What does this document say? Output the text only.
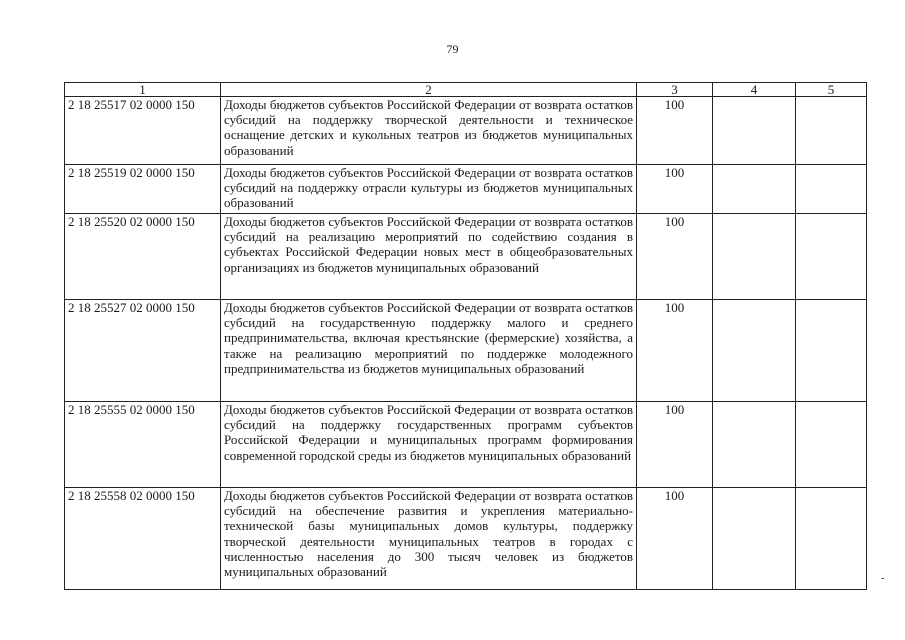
79
1	2	3	4	5
2 18 25517 02 0000 150	Доходы бюджетов субъектов Российской Федерации от возврата остатков субсидий на поддержку творческой деятельности и техническое оснащение детских и кукольных театров из бюджетов муниципальных образований	100		
2 18 25519 02 0000 150	Доходы бюджетов субъектов Российской Федерации от возврата остатков субсидий на поддержку отрасли культуры из бюджетов муниципальных образований	100		
2 18 25520 02 0000 150	Доходы бюджетов субъектов Российской Федерации от возврата остатков субсидий на реализацию мероприятий по содействию создания в субъектах Российской Федерации новых мест в общеобразовательных организациях из бюджетов муниципальных образований	100		
2 18 25527 02 0000 150	Доходы бюджетов субъектов Российской Федерации от возврата остатков субсидий на государственную поддержку малого и среднего предпринимательства, включая крестьянские (фермерские) хозяйства, а также на реализацию мероприятий по поддержке молодежного предпринимательства из бюджетов муниципальных образований	100		
2 18 25555 02 0000 150	Доходы бюджетов субъектов Российской Федерации от возврата остатков субсидий на поддержку государственных программ субъектов Российской Федерации и муниципальных программ формирования современной городской среды из бюджетов муниципальных образований	100		
2 18 25558 02 0000 150	Доходы бюджетов субъектов Российской Федерации от возврата остатков субсидий на обеспечение развития и укрепления материально-технической базы муниципальных домов культуры, поддержку творческой деятельности муниципальных театров в городах с численностью населения до 300 тысяч человек из бюджетов муниципальных образований	100		
-
